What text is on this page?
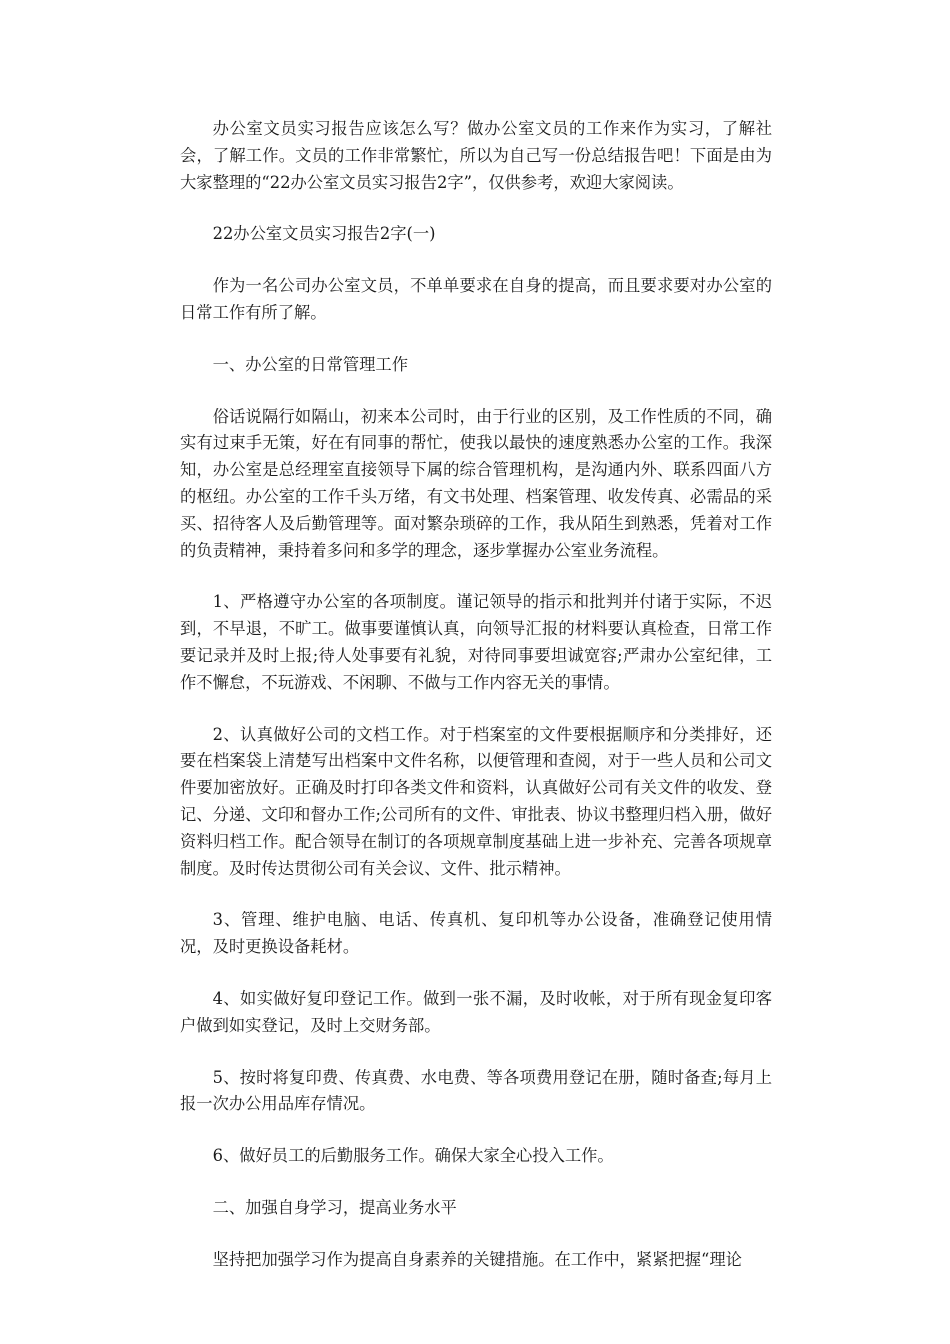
办公室文员实习报告应该怎么写？做办公室文员的工作来作为实习，了解社会，了解工作。文员的工作非常繁忙，所以为自己写一份总结报告吧！下面是由为大家整理的“22办公室文员实习报告2字”，仅供参考，欢迎大家阅读。

22办公室文员实习报告2字(一)

作为一名公司办公室文员，不单单要求在自身的提高，而且要求要对办公室的日常工作有所了解。

一、办公室的日常管理工作

俗话说隔行如隔山，初来本公司时，由于行业的区别，及工作性质的不同，确实有过束手无策，好在有同事的帮忙，使我以最快的速度熟悉办公室的工作。我深知，办公室是总经理室直接领导下属的综合管理机构，是沟通内外、联系四面八方的枢纽。办公室的工作千头万绪，有文书处理、档案管理、收发传真、必需品的采买、招待客人及后勤管理等。面对繁杂琐碎的工作，我从陌生到熟悉，凭着对工作的负责精神，秉持着多问和多学的理念，逐步掌握办公室业务流程。

1、严格遵守办公室的各项制度。谨记领导的指示和批判并付诸于实际，不迟到，不早退，不旷工。做事要谨慎认真，向领导汇报的材料要认真检查，日常工作要记录并及时上报;待人处事要有礼貌，对待同事要坦诚宽容;严肃办公室纪律，工作不懈怠，不玩游戏、不闲聊、不做与工作内容无关的事情。

2、认真做好公司的文档工作。对于档案室的文件要根据顺序和分类排好，还要在档案袋上清楚写出档案中文件名称，以便管理和查阅，对于一些人员和公司文件要加密放好。正确及时打印各类文件和资料，认真做好公司有关文件的收发、登记、分递、文印和督办工作;公司所有的文件、审批表、协议书整理归档入册，做好资料归档工作。配合领导在制订的各项规章制度基础上进一步补充、完善各项规章制度。及时传达贯彻公司有关会议、文件、批示精神。

3、管理、维护电脑、电话、传真机、复印机等办公设备，准确登记使用情况，及时更换设备耗材。

4、如实做好复印登记工作。做到一张不漏，及时收帐，对于所有现金复印客户做到如实登记，及时上交财务部。

5、按时将复印费、传真费、水电费、等各项费用登记在册，随时备查;每月上报一次办公用品库存情况。

6、做好员工的后勤服务工作。确保大家全心投入工作。

二、加强自身学习，提高业务水平

坚持把加强学习作为提高自身素养的关键措施。在工作中，紧紧把握“理论
